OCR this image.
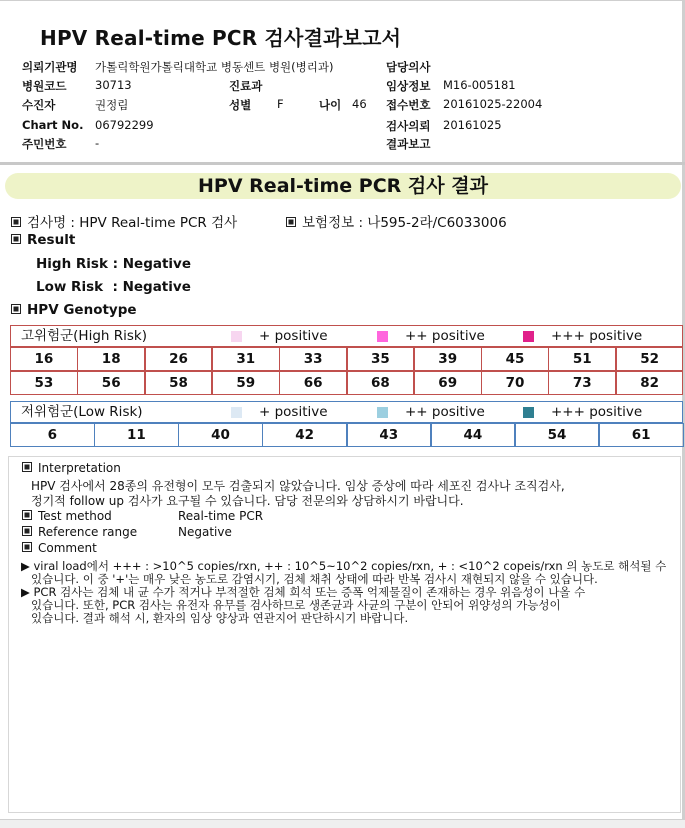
HPV Real-time PCR 검사결과보고서
의뢰기관명 가톨릭학원가톨릭대학교 병동센트 병원(병리과)	담당의사
병원코드 30713	진료과	임상정보 M16-005181
수진자	권정림	성별 F	나이 46 접수번호 20161025-22004
Chart No. 06792299	검사의뢰 20161025
주민번호 -	결과보고
HPV Real-time PCR 검사 결과
검사명 : HPV Real-time PCR 검사	보험정보 : 나595-2라/C6033006
Result
High Risk : Negative
Low Risk  : Negative
HPV Genotype
고위험군(High Risk)	+ positive	++ positive	+++ positive
16	18	26	31	33	35	39	45	51	52
53	56	58	59	66	68	69	70	73	82
저위험군(Low Risk)	+ positive	++ positive	+++ positive
6	11	40	42	43	44	54	61
Interpretation
HPV 검사에서 28종의 유전형이 모두 검출되지 않았습니다. 임상 증상에 따라 세포진 검사나 조직검사,
정기적 follow up 검사가 요구될 수 있습니다. 담당 전문의와 상담하시기 바랍니다.
Test method	Real-time PCR
Reference range	Negative
Comment
▶ viral load에서 +++ : >10^5 copies/rxn, ++ : 10^5~10^2 copies/rxn, + : <10^2 copeis/rxn 의 농도로 해석될 수
있습니다. 이 중 '+'는 매우 낮은 농도로 감염시기, 검체 채취 상태에 따라 반복 검사시 재현되지 않을 수 있습니다.
▶ PCR 검사는 검체 내 균 수가 적거나 부적절한 검체 희석 또는 증폭 억제물질이 존재하는 경우 위음성이 나올 수
있습니다. 또한, PCR 검사는 유전자 유무를 검사하므로 생존균과 사균의 구분이 안되어 위양성의 가능성이
있습니다. 결과 해석 시, 환자의 임상 양상과 연관지어 판단하시기 바랍니다.
